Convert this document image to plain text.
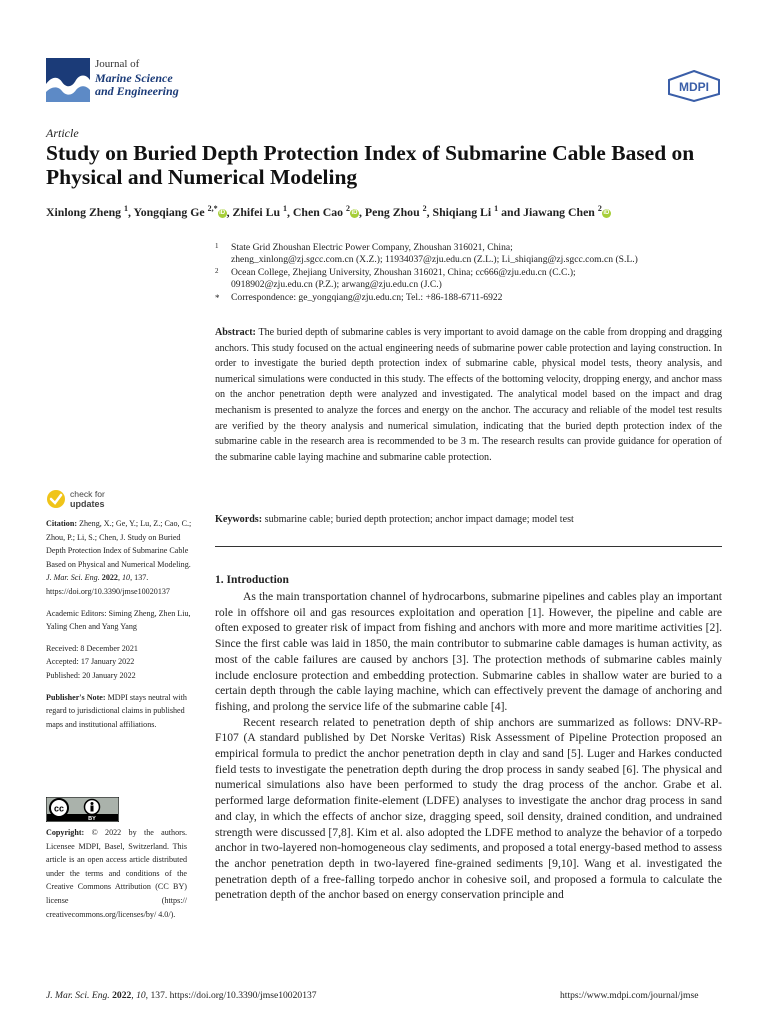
Journal of
Marine Science
and Engineering	MDPI
Article
Study on Buried Depth Protection Index of Submarine Cable Based on Physical and Numerical Modeling
Xinlong Zheng $^1$, Yongqiang Ge $^{2,*}$ iD , Zhifei Lu $^1$, Chen Cao $^2$ iD , Peng Zhou $^2$, Shiqiang Li $^1$ and Jiawang Chen $^2$ iD
1 State Grid Zhoushan Electric Power Company, Zhoushan 316021, China;
zheng_xinlong@zj.sgcc.com.cn (X.Z.); 11934037@zju.edu.cn (Z.L.); Li_shiqiang@zj.sgcc.com.cn (S.L.)
2 Ocean College, Zhejiang University, Zhoushan 316021, China; cc666@zju.edu.cn (C.C.);
0918902@zju.edu.cn (P.Z.); arwang@zju.edu.cn (J.C.)
* Correspondence: ge_yongqiang@zju.edu.cn; Tel.: +86-188-6711-6922
Abstract: The buried depth of submarine cables is very important to avoid damage on the cable from dropping and dragging anchors. This study focused on the actual engineering needs of submarine power cable protection and laying construction. In order to investigate the buried depth protection index of submarine cable, physical model tests, theory analysis, and numerical simulations were conducted in this study. The effects of the bottoming velocity, dropping energy, and anchor mass on the anchor penetration depth were analyzed and investigated. The analytical model based on the impact and drag mechanism is presented to analyze the forces and energy on the anchor. The accuracy and reliable of the model test results are verified by the theory analysis and numerical simulation, indicating that the buried depth protection index of the submarine cable in the research area is recommended to be 3 m. The research results can provide guidance for operation of the submarine cable laying machine and submarine cable protection.
Keywords: submarine cable; buried depth protection; anchor impact damage; model test
check for
updates

Citation: Zheng, X.; Ge, Y.; Lu, Z.; Cao, C.; Zhou, P.; Li, S.; Chen, J. Study on Buried Depth Protection Index of Submarine Cable Based on Physical and Numerical Modeling. J. Mar. Sci. Eng. 2022, 10, 137. https://doi.org/10.3390/jmse10020137

Academic Editors: Siming Zheng, Zhen Liu, Yaling Chen and Yang Yang

Received: 8 December 2021
Accepted: 17 January 2022
Published: 20 January 2022

Publisher's Note: MDPI stays neutral with regard to jurisdictional claims in published maps and institutional affiliations.

cc
BY
Copyright: © 2022 by the authors. Licensee MDPI, Basel, Switzerland. This article is an open access article distributed under the terms and conditions of the Creative Commons Attribution (CC BY) license (https:// creativecommons.org/licenses/by/ 4.0/).
1. Introduction

As the main transportation channel of hydrocarbons, submarine pipelines and cables play an important role in offshore oil and gas resources exploitation and operation [1]. However, the pipeline and cable are often exposed to greater risk of impact from fishing and anchors with more and more maritime activities [2]. Since the first cable was laid in 1850, the main contributor to submarine cable damages is human activity, as most of the cable failures are caused by anchors [3]. The protection methods of submarine cables mainly include enclosure protection and embedding protection. Submarine cables in shallow water are buried to a certain depth through the cable laying machine, which can effectively prevent the damage of anchoring and fishing, and prolong the service life of the submarine cable [4].

Recent research related to penetration depth of ship anchors are summarized as follows: DNV-RP-F107 (A standard published by Det Norske Veritas) Risk Assessment of Pipeline Protection proposed an empirical formula to predict the anchor penetration depth in clay and sand [5]. Luger and Harkes conducted field tests to investigate the penetration depth during the drop process in sandy seabed [6]. The physical and numerical simulations also have been performed to study the drag process of the anchor. Grabe et al. performed large deformation finite-element (LDFE) analyses to investigate the anchor drag process in sand and clay, in which the effects of anchor size, dragging speed, soil density, drained condition, and undrained strength were discussed [7,8]. Kim et al. also adopted the LDFE method to analyze the behavior of a torpedo anchor in two-layered non-homogeneous clay sediments, and proposed a total energy-based method to assess the anchor penetration depth in two-layered fine-grained sediments [9,10]. Wang et al. investigated the penetration depth of a free-falling torpedo anchor in cohesive soil, and proposed a formula to calculate the penetration depth of the anchor based on energy conservation principle and

J. Mar. Sci. Eng. 2022, 10, 137. https://doi.org/10.3390/jmse10020137	https://www.mdpi.com/journal/jmse
